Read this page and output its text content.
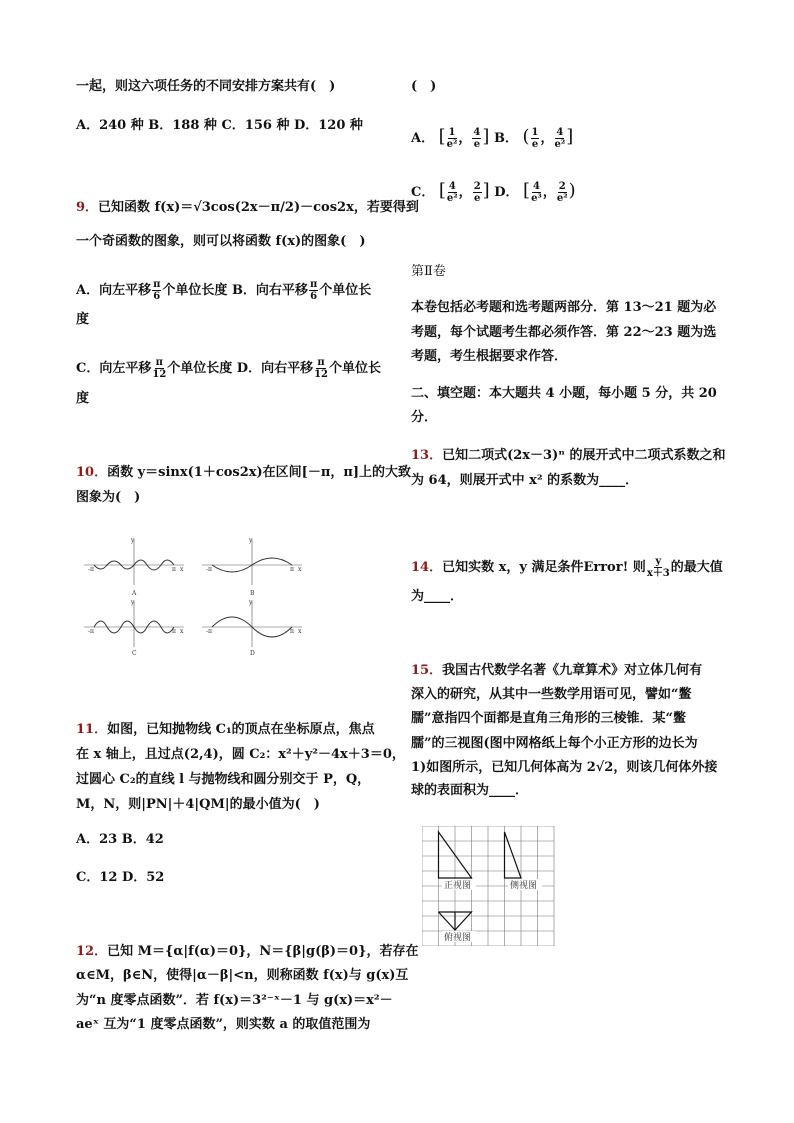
一起，则这六项任务的不同安排方案共有(　)
A．240 种 B．188 种 C．156 种 D．120 种
9．已知函数 f(x)＝√3cos(2x－π/2)－cos2x，若要得到
一个奇函数的图象，则可以将函数 f(x)的图象(　)
A．向左平移 $\frac{\pi}{6}$ 个单位长度 B．向右平移 $\frac{\pi}{6}$ 个单位长
度
C．向左平移 $\frac{\pi}{12}$ 个单位长度 D．向右平移 $\frac{\pi}{12}$ 个单位长
度
10．函数 y＝sinx(1＋cos2x)在区间[－π，π]上的大致
图象为(　)
y
x
-π	π
A
y
x
-π	π
B
y
x
-π	π
C
y
x
-π	π
D
11．如图，已知抛物线 C₁的顶点在坐标原点，焦点
在 x 轴上，且过点(2,4)，圆 C₂：x²＋y²－4x＋3＝0，
过圆心 C₂的直线 l 与抛物线和圆分别交于 P，Q，
M，N，则|PN|＋4|QM|的最小值为(　)
A．23 B．42
C．12 D．52
12．已知 M＝{α|f(α)＝0}，N＝{β|g(β)＝0}，若存在
α∈M，β∈N，使得|α－β|<n，则称函数 f(x)与 g(x)互
为“n 度零点函数”．若 f(x)＝3²⁻ˣ－1 与 g(x)＝x²－
aeˣ 互为“1 度零点函数”，则实数 a 的取值范围为
(　)
A． [ $\frac{1}{\text{e²}}$ ， $\frac{4}{e}$ ] B． ( $\frac{1}{e}$ ， $\frac{4}{\text{e²}}$ ]
C． [ $\frac{4}{\text{e²}}$ ， $\frac{2}{e}$ ] D． [ $\frac{4}{\text{e³}}$ ， $\frac{2}{\text{e²}}$ )
第Ⅱ卷
本卷包括必考题和选考题两部分．第 13～21 题为必
考题，每个试题考生都必须作答．第 22～23 题为选
考题，考生根据要求作答．
二、填空题：本大题共 4 小题，每小题 5 分，共 20
分．
13．已知二项式(2x－3)ⁿ 的展开式中二项式系数之和
为 64，则展开式中 x² 的系数为____．
14．已知实数 x，y 满足条件Error! 则 $\frac{y}{x+3}$ 的最大值
为____．
15．我国古代数学名著《九章算术》对立体几何有
深入的研究，从其中一些数学用语可见，譬如“鳖
臑”意指四个面都是直角三角形的三棱锥．某“鳖
臑”的三视图(图中网格纸上每个小正方形的边长为
1)如图所示，已知几何体高为 2√2，则该几何体外接
球的表面积为____．
正视图	侧视图
俯视图
